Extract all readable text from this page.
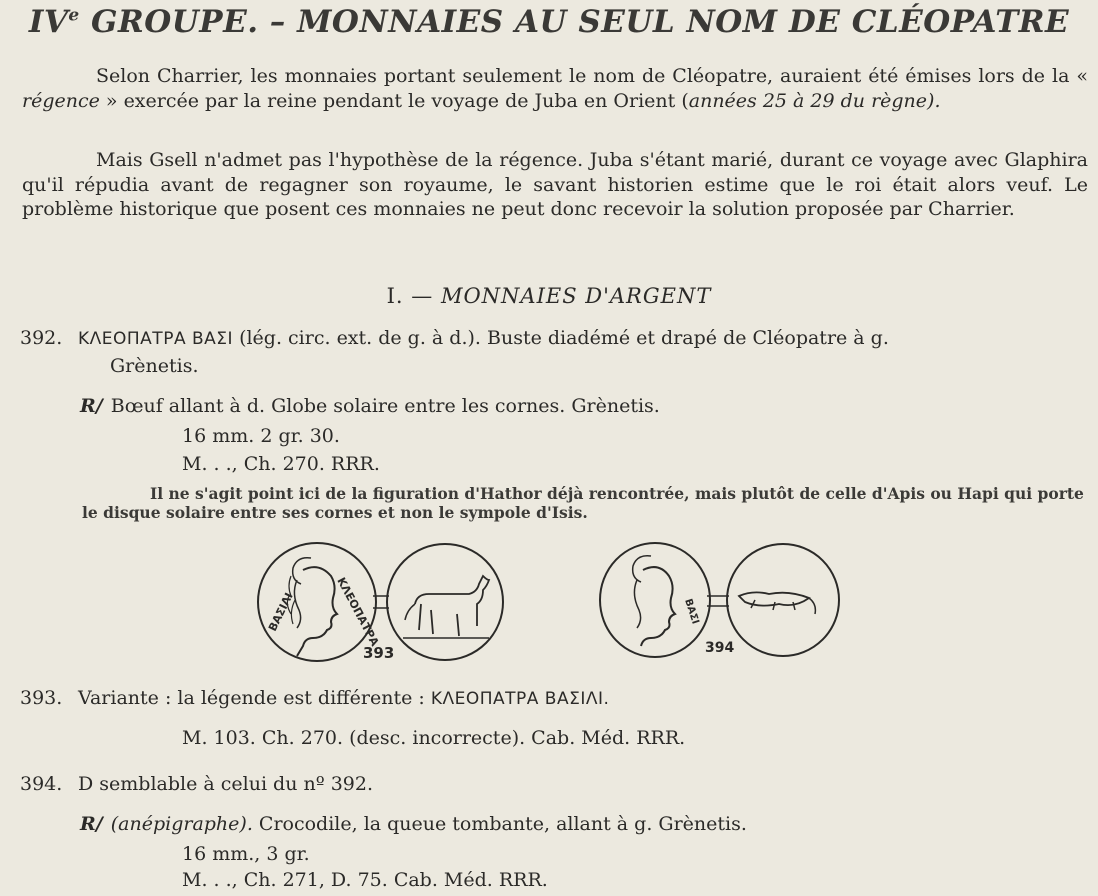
IVe GROUPE. – MONNAIES AU SEUL NOM DE CLÉOPATRE
Selon Charrier, les monnaies portant seulement le nom de Cléopatre, auraient été émises lors de la « régence » exercée par la reine pendant le voyage de Juba en Orient (années 25 à 29 du règne).
Mais Gsell n'admet pas l'hypothèse de la régence. Juba s'étant marié, durant ce voyage avec Glaphira qu'il répudia avant de regagner son royaume, le savant historien estime que le roi était alors veuf. Le problème historique que posent ces monnaies ne peut donc recevoir la solution proposée par Charrier.
I. — MONNAIES D'ARGENT
392. ΚΛΕΟΠΑΤΡΑ ΒΑΣΙ (lég. circ. ext. de g. à d.). Buste diadémé et drapé de Cléopatre à g.
Grènetis.
R/ Bœuf allant à d. Globe solaire entre les cornes. Grènetis.
16 mm. 2 gr. 30.
M. . ., Ch. 270. RRR.
Il ne s'agit point ici de la figuration d'Hathor déjà rencontrée, mais plutôt de celle d'Apis ou Hapi qui porte le disque solaire entre ses cornes et non le sympole d'Isis.
393	394
ΚΛΕΟΠΑΤΡΑ
ΒΑΣΙΛΙ	ΒΑΣΙ
393. Variante : la légende est différente : ΚΛΕΟΠΑΤΡΑ ΒΑΣΙΛΙ.
M. 103. Ch. 270. (desc. incorrecte). Cab. Méd. RRR.
394. D semblable à celui du nº 392.
R/ (anépigraphe). Crocodile, la queue tombante, allant à g. Grènetis.
16 mm., 3 gr.
M. . ., Ch. 271, D. 75. Cab. Méd. RRR.
